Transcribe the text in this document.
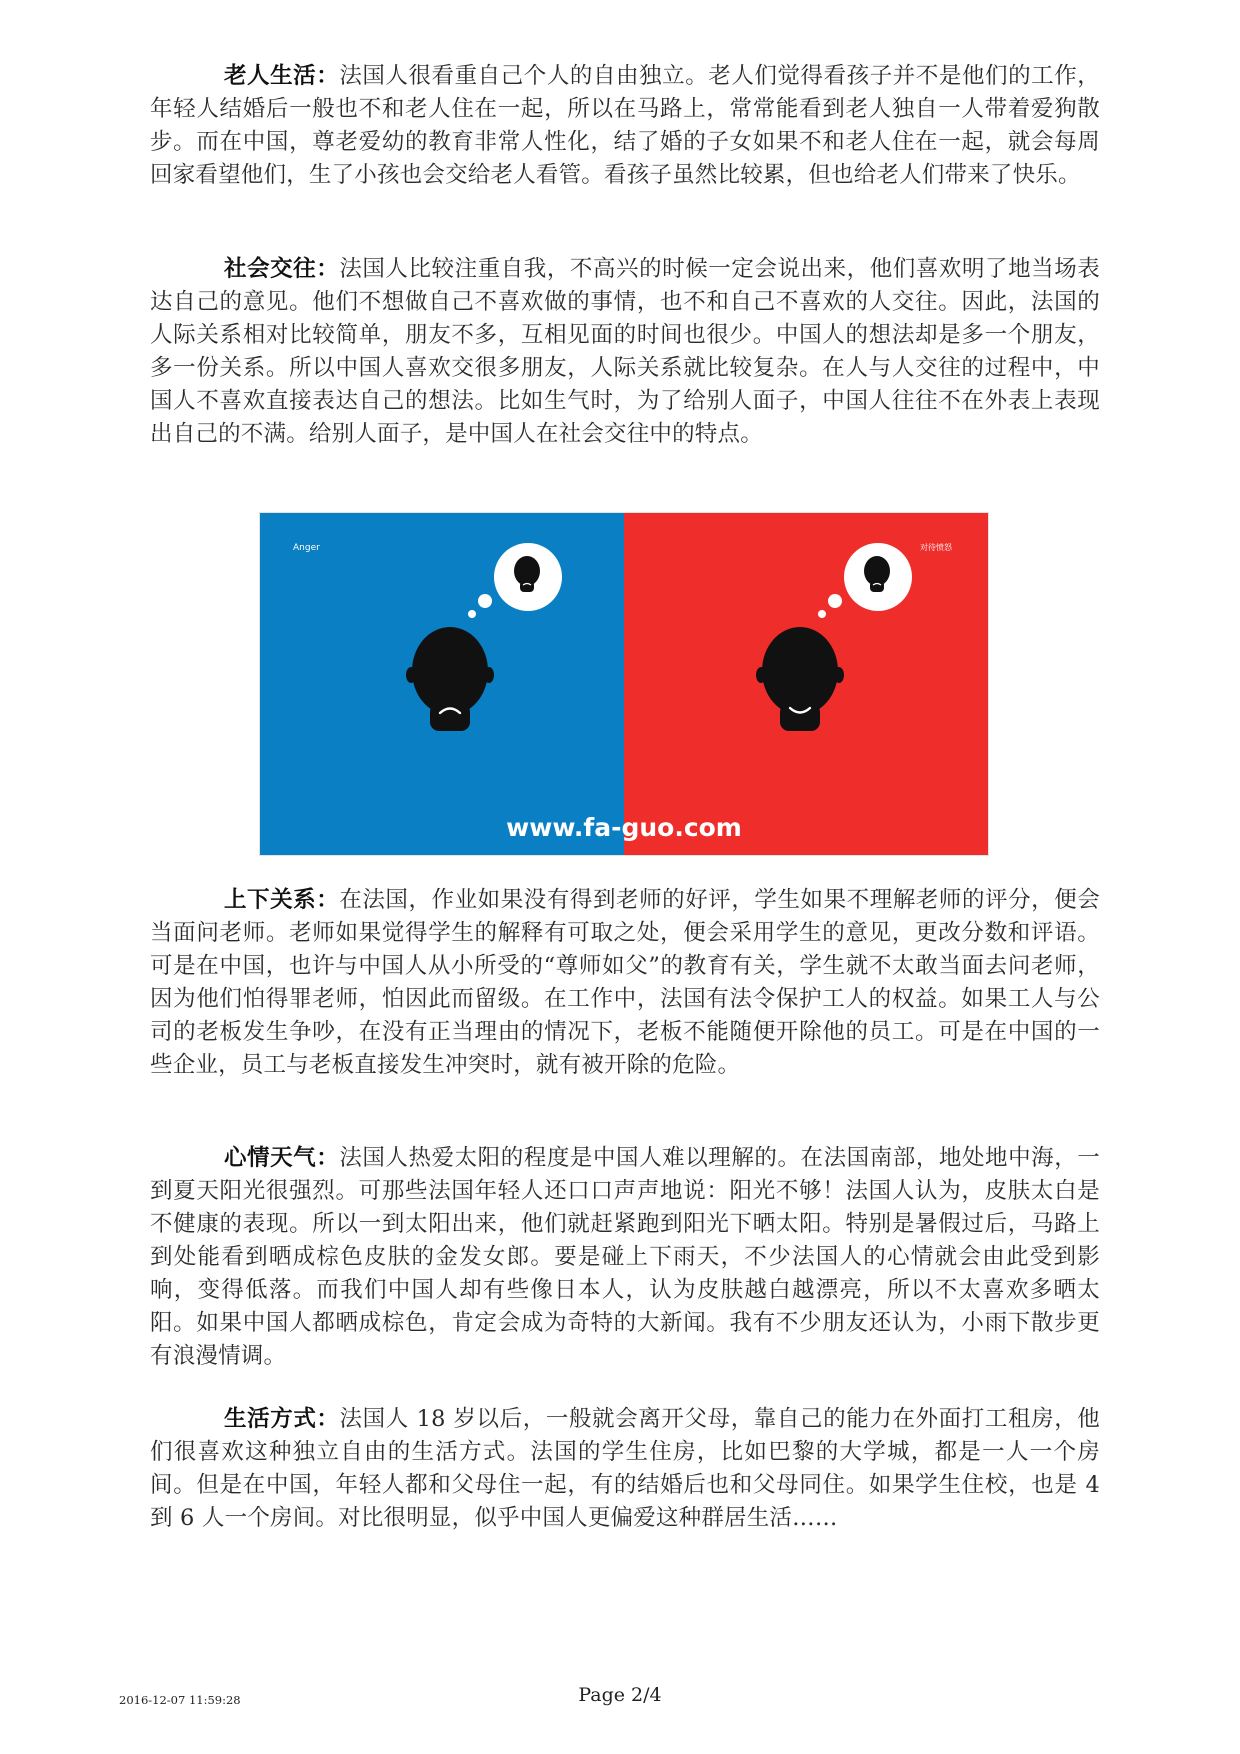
老人生活：法国人很看重自己个人的自由独立。老人们觉得看孩子并不是他们的工作，年轻人结婚后一般也不和老人住在一起，所以在马路上，常常能看到老人独自一人带着爱狗散步。而在中国，尊老爱幼的教育非常人性化，结了婚的子女如果不和老人住在一起，就会每周回家看望他们，生了小孩也会交给老人看管。看孩子虽然比较累，但也给老人们带来了快乐。

社会交往：法国人比较注重自我，不高兴的时候一定会说出来，他们喜欢明了地当场表达自己的意见。他们不想做自己不喜欢做的事情，也不和自己不喜欢的人交往。因此，法国的人际关系相对比较简单，朋友不多，互相见面的时间也很少。中国人的想法却是多一个朋友，多一份关系。所以中国人喜欢交很多朋友，人际关系就比较复杂。在人与人交往的过程中，中国人不喜欢直接表达自己的想法。比如生气时，为了给别人面子，中国人往往不在外表上表现出自己的不满。给别人面子，是中国人在社会交往中的特点。

Anger	对待愤怒
www.fa-guo.com

上下关系：在法国，作业如果没有得到老师的好评，学生如果不理解老师的评分，便会当面问老师。老师如果觉得学生的解释有可取之处，便会采用学生的意见，更改分数和评语。可是在中国，也许与中国人从小所受的“尊师如父”的教育有关，学生就不太敢当面去问老师，因为他们怕得罪老师，怕因此而留级。在工作中，法国有法令保护工人的权益。如果工人与公司的老板发生争吵，在没有正当理由的情况下，老板不能随便开除他的员工。可是在中国的一些企业，员工与老板直接发生冲突时，就有被开除的危险。

心情天气：法国人热爱太阳的程度是中国人难以理解的。在法国南部，地处地中海，一到夏天阳光很强烈。可那些法国年轻人还口口声声地说：阳光不够！法国人认为，皮肤太白是不健康的表现。所以一到太阳出来，他们就赶紧跑到阳光下晒太阳。特别是暑假过后，马路上到处能看到晒成棕色皮肤的金发女郎。要是碰上下雨天，不少法国人的心情就会由此受到影响，变得低落。而我们中国人却有些像日本人，认为皮肤越白越漂亮，所以不太喜欢多晒太阳。如果中国人都晒成棕色，肯定会成为奇特的大新闻。我有不少朋友还认为，小雨下散步更有浪漫情调。

生活方式：法国人 18 岁以后，一般就会离开父母，靠自己的能力在外面打工租房，他们很喜欢这种独立自由的生活方式。法国的学生住房，比如巴黎的大学城，都是一人一个房间。但是在中国，年轻人都和父母住一起，有的结婚后也和父母同住。如果学生住校，也是 4 到 6 人一个房间。对比很明显，似乎中国人更偏爱这种群居生活……

2016-12-07 11:59:28	Page 2/4
